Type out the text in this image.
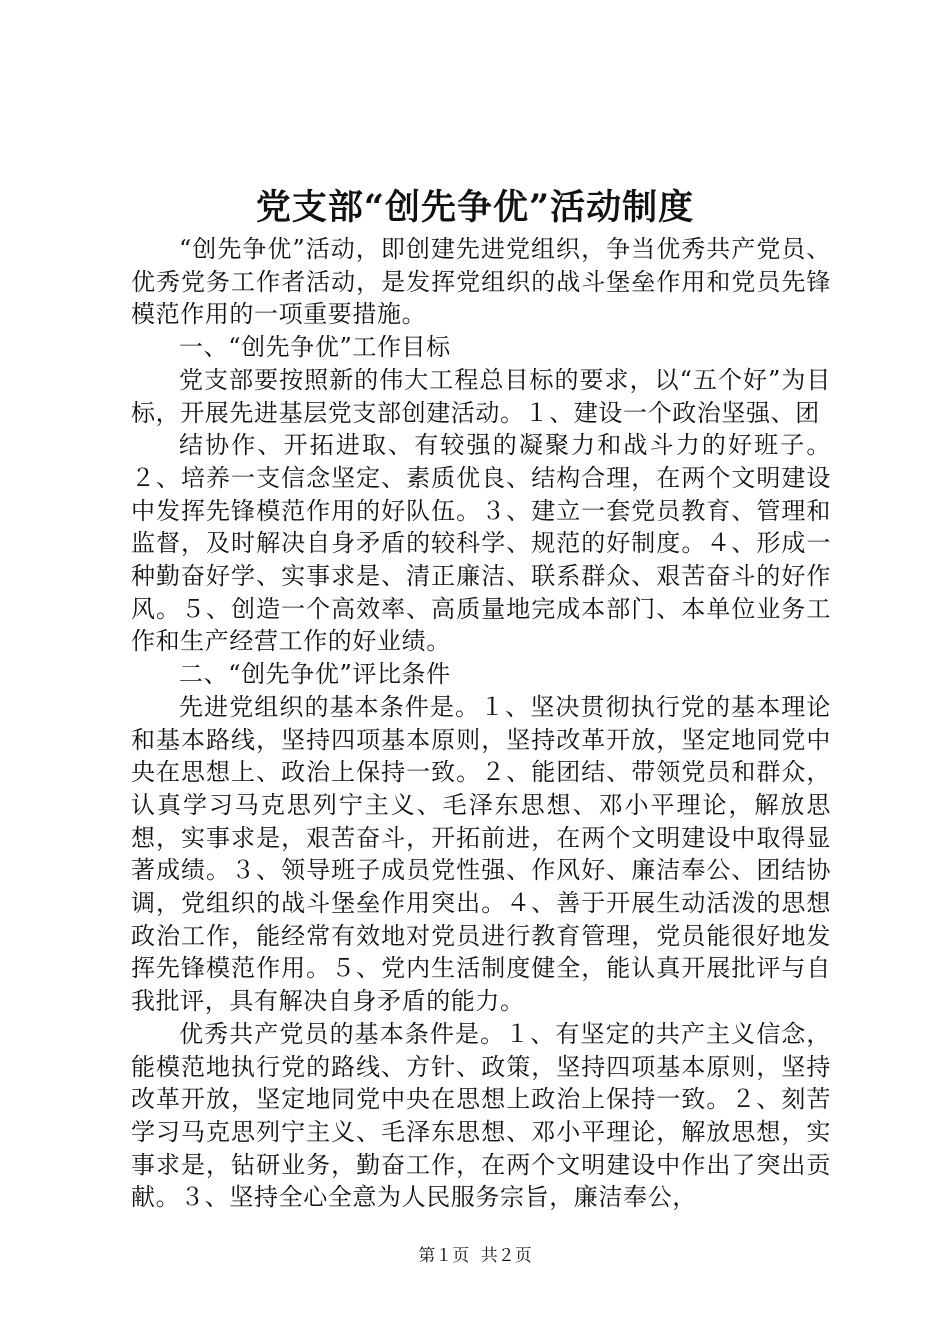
党支部“创先争优”活动制度

“创先争优”活动，即创建先进党组织，争当优秀共产党员、优秀党务工作者活动，是发挥党组织的战斗堡垒作用和党员先锋模范作用的一项重要措施。

一、“创先争优”工作目标

党支部要按照新的伟大工程总目标的要求，以“五个好”为目标，开展先进基层党支部创建活动。１、建设一个政治坚强、团

结协作、开拓进取、有较强的凝聚力和战斗力的好班子。２、培养一支信念坚定、素质优良、结构合理，在两个文明建设中发挥先锋模范作用的好队伍。３、建立一套党员教育、管理和监督，及时解决自身矛盾的较科学、规范的好制度。４、形成一种勤奋好学、实事求是、清正廉洁、联系群众、艰苦奋斗的好作风。５、创造一个高效率、高质量地完成本部门、本单位业务工作和生产经营工作的好业绩。

二、“创先争优”评比条件

先进党组织的基本条件是。１、坚决贯彻执行党的基本理论和基本路线，坚持四项基本原则，坚持改革开放，坚定地同党中央在思想上、政治上保持一致。２、能团结、带领党员和群众，认真学习马克思列宁主义、毛泽东思想、邓小平理论，解放思想，实事求是，艰苦奋斗，开拓前进，在两个文明建设中取得显著成绩。３、领导班子成员党性强、作风好、廉洁奉公、团结协调，党组织的战斗堡垒作用突出。４、善于开展生动活泼的思想政治工作，能经常有效地对党员进行教育管理，党员能很好地发挥先锋模范作用。５、党内生活制度健全，能认真开展批评与自我批评，具有解决自身矛盾的能力。

优秀共产党员的基本条件是。１、有坚定的共产主义信念，能模范地执行党的路线、方针、政策，坚持四项基本原则，坚持改革开放，坚定地同党中央在思想上政治上保持一致。２、刻苦学习马克思列宁主义、毛泽东思想、邓小平理论，解放思想，实事求是，钻研业务，勤奋工作，在两个文明建设中作出了突出贡献。３、坚持全心全意为人民服务宗旨，廉洁奉公，

第１页 共２页
